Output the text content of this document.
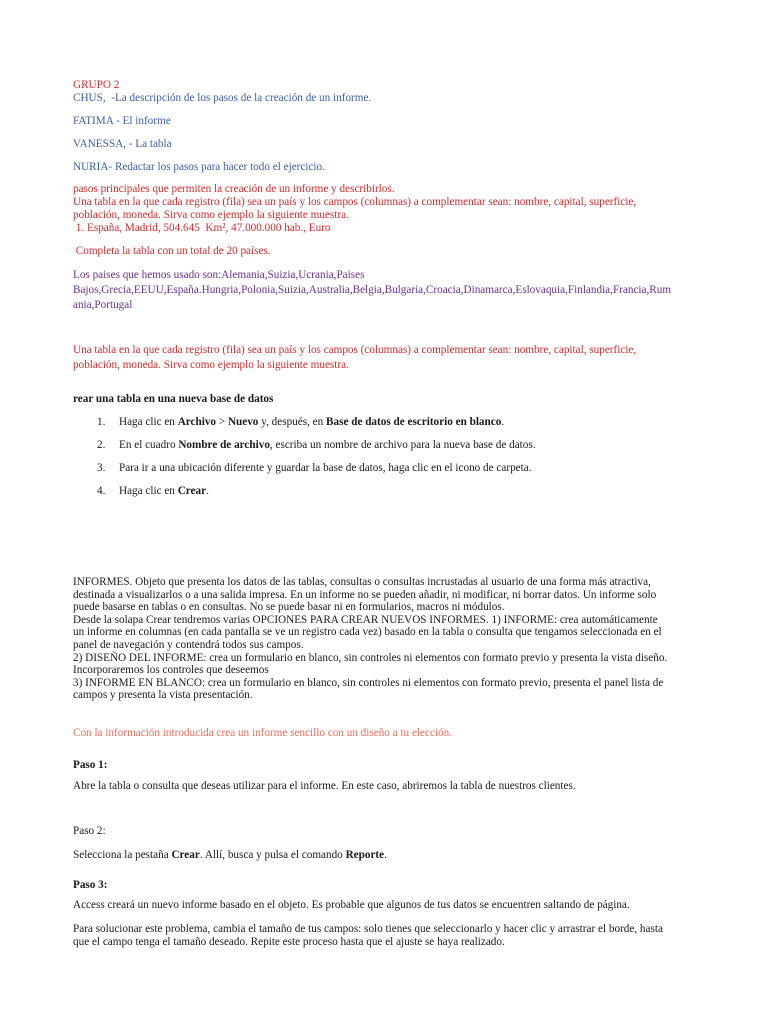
GRUPO 2

CHUS,  -La descripción de los pasos de la creación de un informe.

FATIMA - El informe

VANESSA, - La tabla

NURIA- Redactar los pasos para hacer todo el ejercicio.

pasos principales que permiten la creación de un informe y describirlos.

Una tabla en la que cada registro (fila) sea un país y los campos (columnas) a complementar sean: nombre, capital, superficie,

población, moneda. Sirva como ejemplo la siguiente muestra.

1. España, Madrid, 504.645  Km², 47.000.000 hab., Euro

Completa la tabla con un total de 20 países.

Los paises que hemos usado son:Alemania,Suizia,Ucrania,Paises

Bajos,Grecia,EEUU,España.Hungria,Polonia,Suizia,Australia,Belgia,Bulgaria,Croacia,Dinamarca,Eslovaquia,Finlandia,Francia,Rum

ania,Portugal

Una tabla en la que cada registro (fila) sea un país y los campos (columnas) a complementar sean: nombre, capital, superficie,

población, moneda. Sirva como ejemplo la siguiente muestra.

rear una tabla en una nueva base de datos

1. Haga clic en Archivo > Nuevo y, después, en Base de datos de escritorio en blanco.
2. En el cuadro Nombre de archivo, escriba un nombre de archivo para la nueva base de datos.
3. Para ir a una ubicación diferente y guardar la base de datos, haga clic en el icono de carpeta.
4. Haga clic en Crear.

INFORMES. Objeto que presenta los datos de las tablas, consultas o consultas incrustadas al usuario de una forma más atractiva,

destinada a visualizarlos o a una salida impresa. En un informe no se pueden añadir, ni modificar, ni borrar datos. Un informe solo

puede basarse en tablas o en consultas. No se puede basar ni en formularios, macros ni módulos.

Desde la solapa Crear tendremos varias OPCIONES PARA CREAR NUEVOS INFORMES. 1) INFORME: crea automáticamente

un informe en columnas (en cada pantalla se ve un registro cada vez) basado en la tabla o consulta que tengamos seleccionada en el

panel de navegación y contendrá todos sus campos.

2) DISEÑO DEL INFORME: crea un formulario en blanco, sin controles ni elementos con formato previo y presenta la vista diseño.

Incorporaremos los controles que deseemos

3) INFORME EN BLANCO: crea un formulario en blanco, sin controles ni elementos con formato previo, presenta el panel lista de

campos y presenta la vista presentación.

Con la información introducida crea un informe sencillo con un diseño a tu elección.

Paso 1:

Abre la tabla o consulta que deseas utilizar para el informe. En este caso, abriremos la tabla de nuestros clientes.

Paso 2:

Selecciona la pestaña Crear. Allí, busca y pulsa el comando Reporte.

Paso 3:

Access creará un nuevo informe basado en el objeto. Es probable que algunos de tus datos se encuentren saltando de página.

Para solucionar este problema, cambia el tamaño de tus campos: solo tienes que seleccionarlo y hacer clic y arrastrar el borde, hasta

que el campo tenga el tamaño deseado. Repite este proceso hasta que el ajuste se haya realizado.
